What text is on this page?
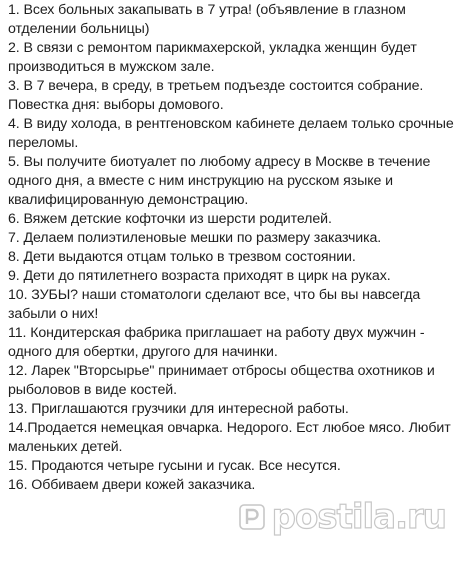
1. Всех больных закапывать в 7 утра! (объявление в глазном отделении больницы)

2. В связи с ремонтом парикмахерской, укладка женщин будет производиться в мужском зале.

3. В 7 вечера, в среду, в третьем подъезде состоится собрание. Повестка дня: выборы домового.

4. В виду холода, в рентгеновском кабинете делаем только срочные переломы.

5. Вы получите биотуалет по любому адресу в Москве в течение одного дня, а вместе с ним инструкцию на русском языке и квалифицированную демонстрацию.

6. Вяжем детские кофточки из шерсти родителей.

7. Делаем полиэтиленовые мешки по размеру заказчика.

8. Дети выдаются отцам только в трезвом состоянии.

9. Дети до пятилетнего возраста приходят в цирк на руках.

10. ЗУБЫ? наши стоматологи сделают все, что бы вы навсегда забыли о них!

11. Кондитерская фабрика приглашает на работу двух мужчин - одного для обертки, другого для начинки.

12. Ларек "Вторсырье" принимает отбросы общества охотников и рыболовов в виде костей.

13. Приглашаются грузчики для интересной работы.

14.Продается немецкая овчарка. Недорого. Ест любое мясо. Любит маленьких детей.

15. Продаются четыре гусыни и гусак. Все несутся.

16. Оббиваем двери кожей заказчика.

postila.ru
